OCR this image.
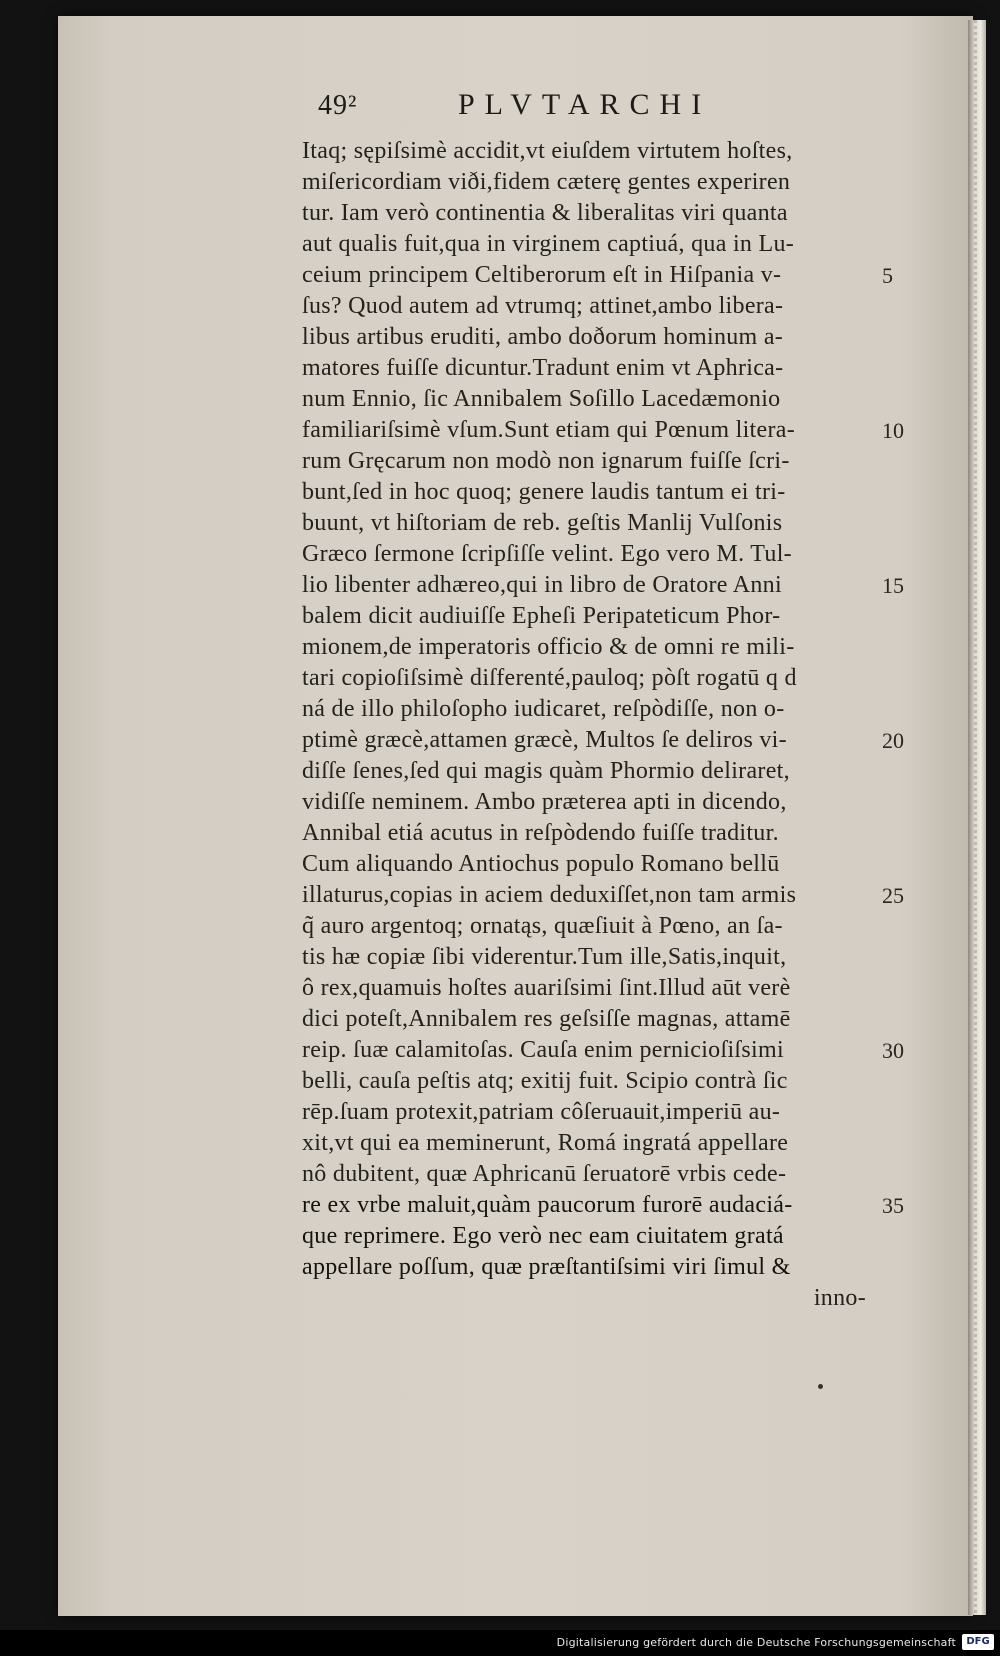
49²	PLVTARCHI
Itaq; sępiſsimè accidit,vt eiuſdem virtutem hoſtes,
miſericordiam viði,fidem cæterę gentes experiren
tur. Iam verò continentia & liberalitas viri quanta
aut qualis fuit,qua in virginem captiuá, qua in Lu-
ceium principem Celtiberorum eſt in Hiſpania v-
ſus? Quod autem ad vtrumq; attinet,ambo libera-
libus artibus eruditi, ambo doðorum hominum a-
matores fuiſſe dicuntur.Tradunt enim vt Aphrica-
num Ennio, ſic Annibalem Soſillo Lacedæmonio
familiariſsimè vſum.Sunt etiam qui Pœnum litera-
rum Gręcarum non modò non ignarum fuiſſe ſcri-
bunt,ſed in hoc quoq; genere laudis tantum ei tri-
buunt, vt hiſtoriam de reb. geſtis Manlij Vulſonis
Græco ſermone ſcripſiſſe velint. Ego vero M. Tul-
lio libenter adhæreo,qui in libro de Oratore Anni
balem dicit audiuiſſe Epheſi Peripateticum Phor-
mionem,de imperatoris officio & de omni re mili-
tari copioſiſsimè diſferenté,pauloq; pòſt rogatū q d
ná de illo philoſopho iudicaret, reſpòdiſſe, non o-
ptimè græcè,attamen græcè, Multos ſe deliros vi-
diſſe ſenes,ſed qui magis quàm Phormio deliraret,
vidiſſe neminem. Ambo præterea apti in dicendo,
Annibal etiá acutus in reſpòdendo fuiſſe traditur.
Cum aliquando Antiochus populo Romano bellū
illaturus,copias in aciem deduxiſſet,non tam armis
q̃ auro argentoq; ornatąs, quæſiuit à Pœno, an ſa-
tis hæ copiæ ſibi viderentur.Tum ille,Satis,inquit,
ô rex,quamuis hoſtes auariſsimi ſint.Illud aūt verè
dici poteſt,Annibalem res geſsiſſe magnas, attamē
reip. ſuæ calamitoſas. Cauſa enim pernicioſiſsimi
belli, cauſa peſtis atq; exitij fuit. Scipio contrà ſic
rēp.ſuam protexit,patriam côſeruauit,imperiū au-
xit,vt qui ea meminerunt, Romá ingratá appellare
nô dubitent, quæ Aphricanū ſeruatorē vrbis cede-
re ex vrbe maluit,quàm paucorum furorē audaciá-
que reprimere. Ego verò nec eam ciuitatem gratá
appellare poſſum, quæ præſtantiſsimi viri ſimul &
inno-
5
10
15
20
25
30
35
Digitalisierung gefördert durch die Deutsche Forschungsgemeinschaft	DFG
